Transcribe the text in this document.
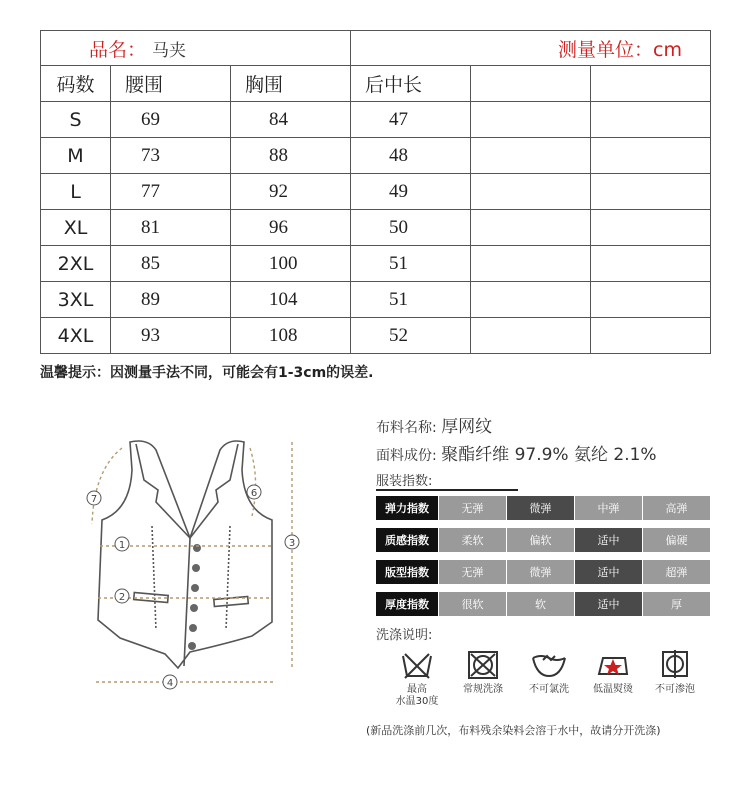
品名： 马夹			测量单位：cm		
码数	腰围	胸围	后中长		
S	69	84	47		
M	73	88	48		
L	77	92	49		
XL	81	96	50		
2XL	85	100	51		
3XL	89	104	51		
4XL	93	108	52		
温馨提示：因测量手法不同，可能会有1-3cm的误差.
1
2
3
4
6
7
布料名称: 厚网纹
面料成份: 聚酯纤维 97.9% 氨纶 2.1%
服装指数:
弹力指数	无弹	微弹	中弹	高弹
质感指数	柔软	偏软	适中	偏硬
版型指数	无弹	微弹	适中	超弹
厚度指数	很软	软	适中	厚
洗涤说明:
最高
水温30度
常规洗涤	不可氯洗	低温熨烫	不可渗泡
(新品洗涤前几次，布料残余染料会溶于水中，故请分开洗涤)
